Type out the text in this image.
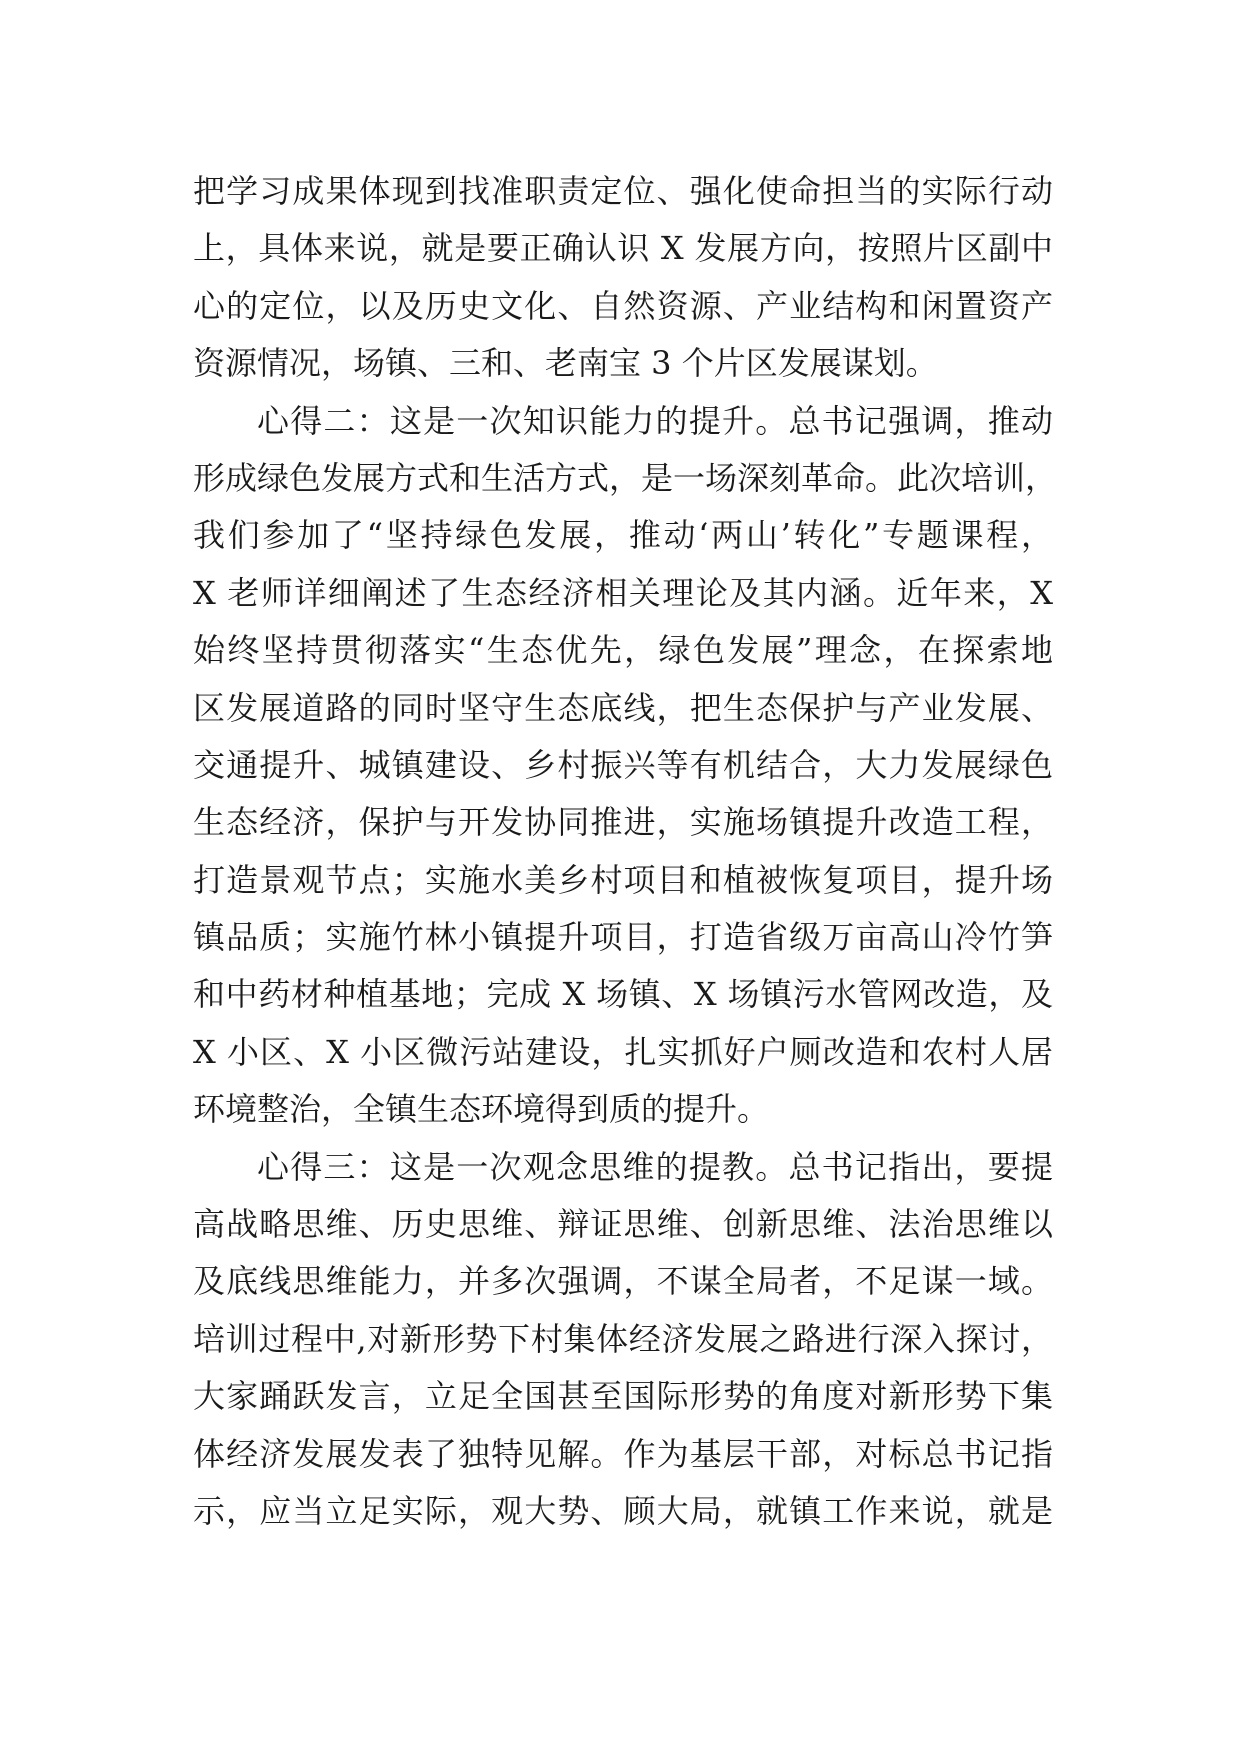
把学习成果体现到找准职责定位、强化使命担当的实际行动
上，具体来说，就是要正确认识 X 发展方向，按照片区副中
心的定位，以及历史文化、自然资源、产业结构和闲置资产
资源情况，场镇、三和、老南宝 3 个片区发展谋划。
心得二：这是一次知识能力的提升。总书记强调，推动
形成绿色发展方式和生活方式，是一场深刻革命。此次培训，
我们参加了“坚持绿色发展，推动‘两山’转化”专题课程，
X 老师详细阐述了生态经济相关理论及其内涵。近年来，X
始终坚持贯彻落实“生态优先，绿色发展”理念，在探索地
区发展道路的同时坚守生态底线，把生态保护与产业发展、
交通提升、城镇建设、乡村振兴等有机结合，大力发展绿色
生态经济，保护与开发协同推进，实施场镇提升改造工程，
打造景观节点；实施水美乡村项目和植被恢复项目，提升场
镇品质；实施竹林小镇提升项目，打造省级万亩高山冷竹笋
和中药材种植基地；完成 X 场镇、X 场镇污水管网改造，及
X 小区、X 小区微污站建设，扎实抓好户厕改造和农村人居
环境整治，全镇生态环境得到质的提升。
心得三：这是一次观念思维的提教。总书记指出，要提
高战略思维、历史思维、辩证思维、创新思维、法治思维以
及底线思维能力，并多次强调，不谋全局者，不足谋一域。
培训过程中,对新形势下村集体经济发展之路进行深入探讨，
大家踊跃发言，立足全国甚至国际形势的角度对新形势下集
体经济发展发表了独特见解。作为基层干部，对标总书记指
示，应当立足实际，观大势、顾大局，就镇工作来说，就是
